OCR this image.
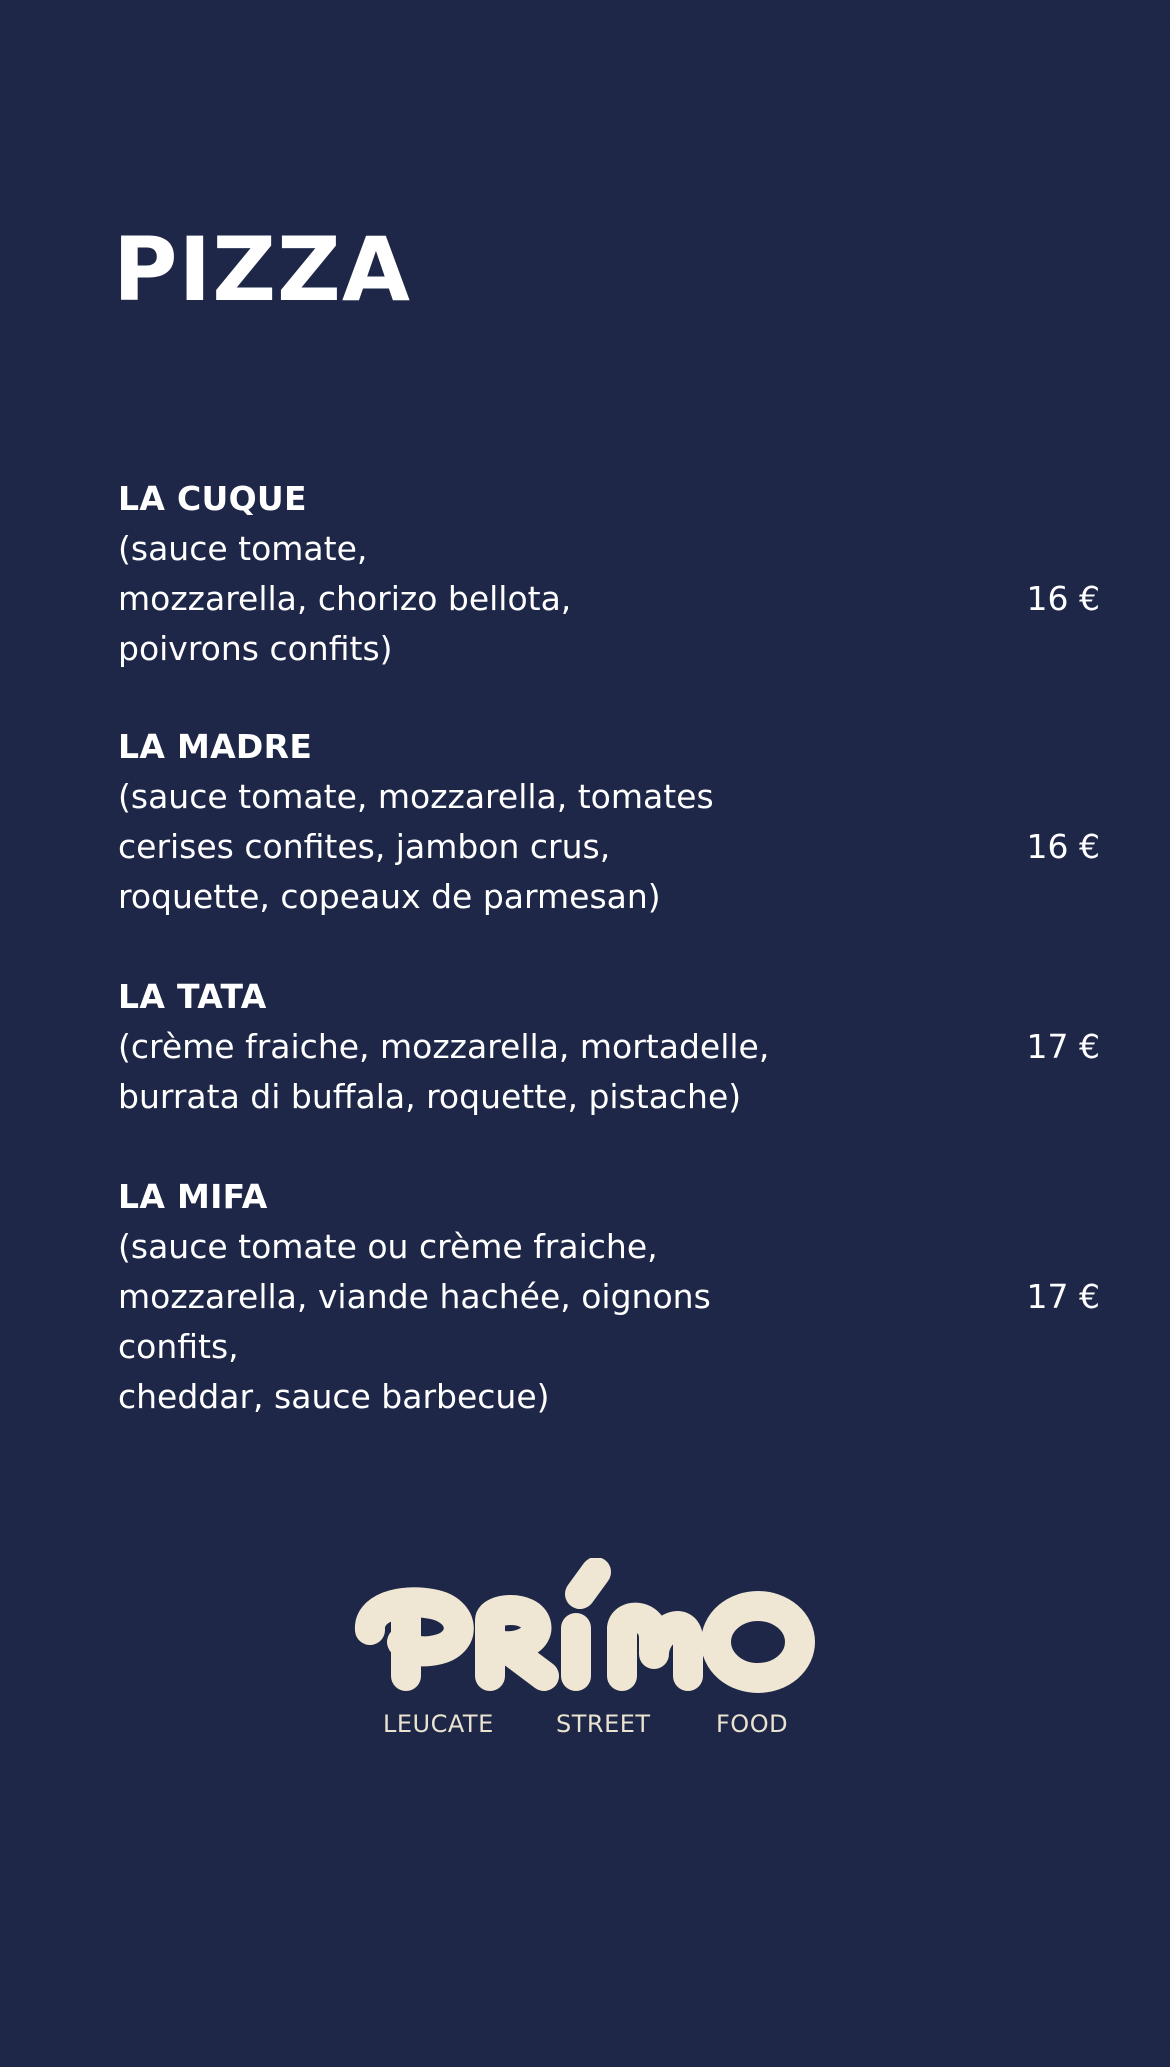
PIZZA
LA CUQUE
(sauce tomate,
mozzarella, chorizo bellota,
poivrons confits)
16 €
LA MADRE
(sauce tomate, mozzarella, tomates
cerises confites, jambon crus,
roquette, copeaux de parmesan)
16 €
LA TATA
(crème fraiche, mozzarella, mortadelle,
burrata di buffala, roquette, pistache)
17 €
LA MIFA
(sauce tomate ou crème fraiche,
mozzarella, viande hachée, oignons
confits,
cheddar, sauce barbecue)
17 €
LEUCATE	STREET	FOOD
